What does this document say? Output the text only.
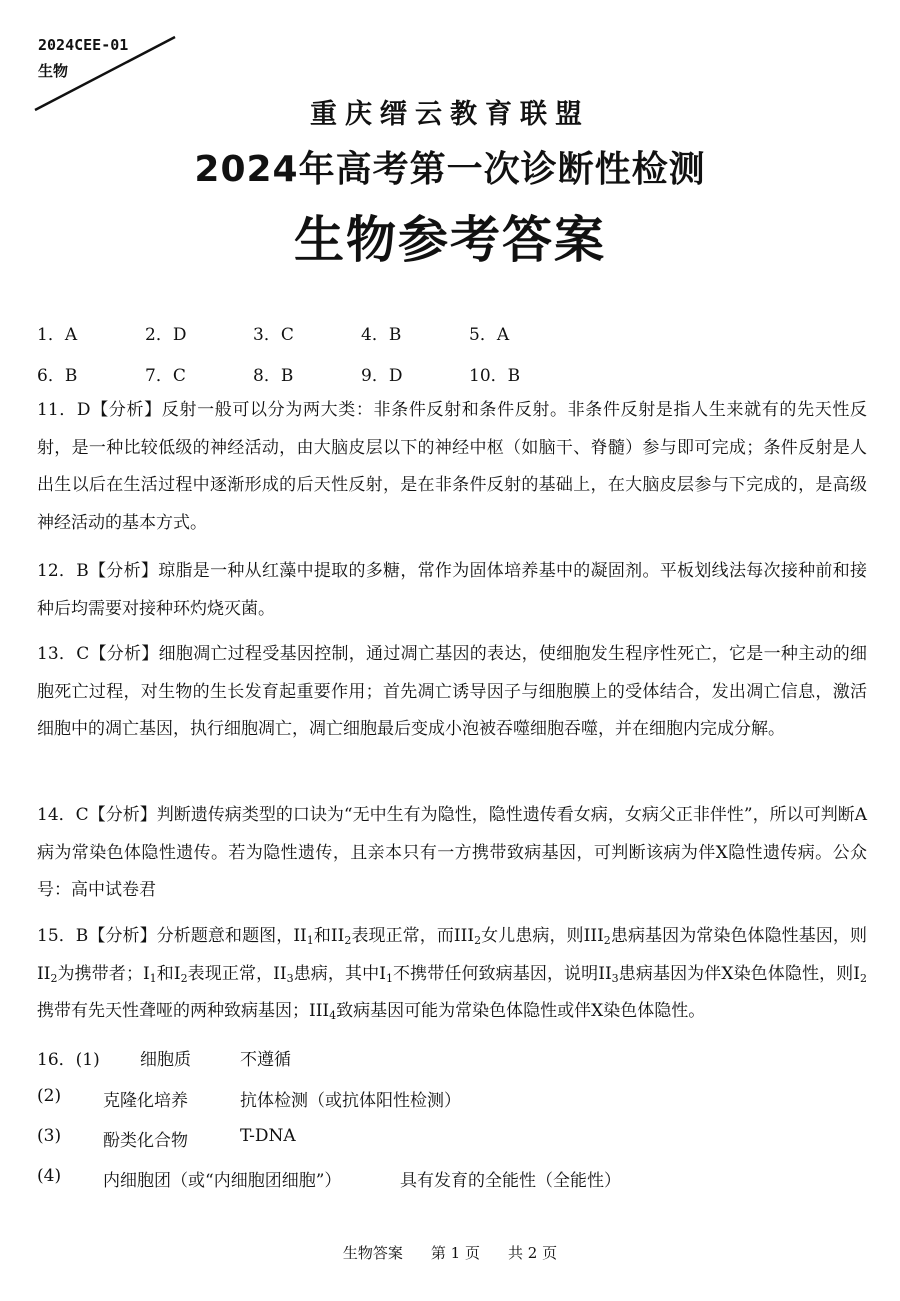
2024CEE-01
生物
重庆缙云教育联盟
2024年高考第一次诊断性检测
生物参考答案
1．A	2．D	3．C	4．B	5．A
6．B	7．C	8．B	9．D	10．B
11．D【分析】反射一般可以分为两大类：非条件反射和条件反射。非条件反射是指人生来就有的先天性反射，是一种比较低级的神经活动，由大脑皮层以下的神经中枢（如脑干、脊髓）参与即可完成；条件反射是人出生以后在生活过程中逐渐形成的后天性反射，是在非条件反射的基础上，在大脑皮层参与下完成的，是高级神经活动的基本方式。
12．B【分析】琼脂是一种从红藻中提取的多糖，常作为固体培养基中的凝固剂。平板划线法每次接种前和接种后均需要对接种环灼烧灭菌。
13．C【分析】细胞凋亡过程受基因控制，通过凋亡基因的表达，使细胞发生程序性死亡，它是一种主动的细胞死亡过程，对生物的生长发育起重要作用；首先凋亡诱导因子与细胞膜上的受体结合，发出凋亡信息，激活细胞中的凋亡基因，执行细胞凋亡，凋亡细胞最后变成小泡被吞噬细胞吞噬，并在细胞内完成分解。
14．C【分析】判断遗传病类型的口诀为“无中生有为隐性，隐性遗传看女病，女病父正非伴性”，所以可判断A病为常染色体隐性遗传。若为隐性遗传，且亲本只有一方携带致病基因，可判断该病为伴X隐性遗传病。公众号：高中试卷君
15．B【分析】分析题意和题图，$II_1$和$II_2$表现正常，而$III_2$女儿患病，则$III_2$患病基因为常染色体隐性基因，则$II_2$为携带者；$I_1$和$I_2$表现正常，$II_3$患病，其中$I_1$不携带任何致病基因，说明$II_3$患病基因为伴X染色体隐性，则$I_2$携带有先天性聋哑的两种致病基因；$III_4$致病基因可能为常染色体隐性或伴X染色体隐性。
16．(1) 细胞质	不遵循
(2) 克隆化培养	抗体检测（或抗体阳性检测）
(3) 酚类化合物	T-DNA
(4) 内细胞团（或“内细胞团细胞”）	具有发育的全能性（全能性）
生物答案 第 1 页 共 2 页
